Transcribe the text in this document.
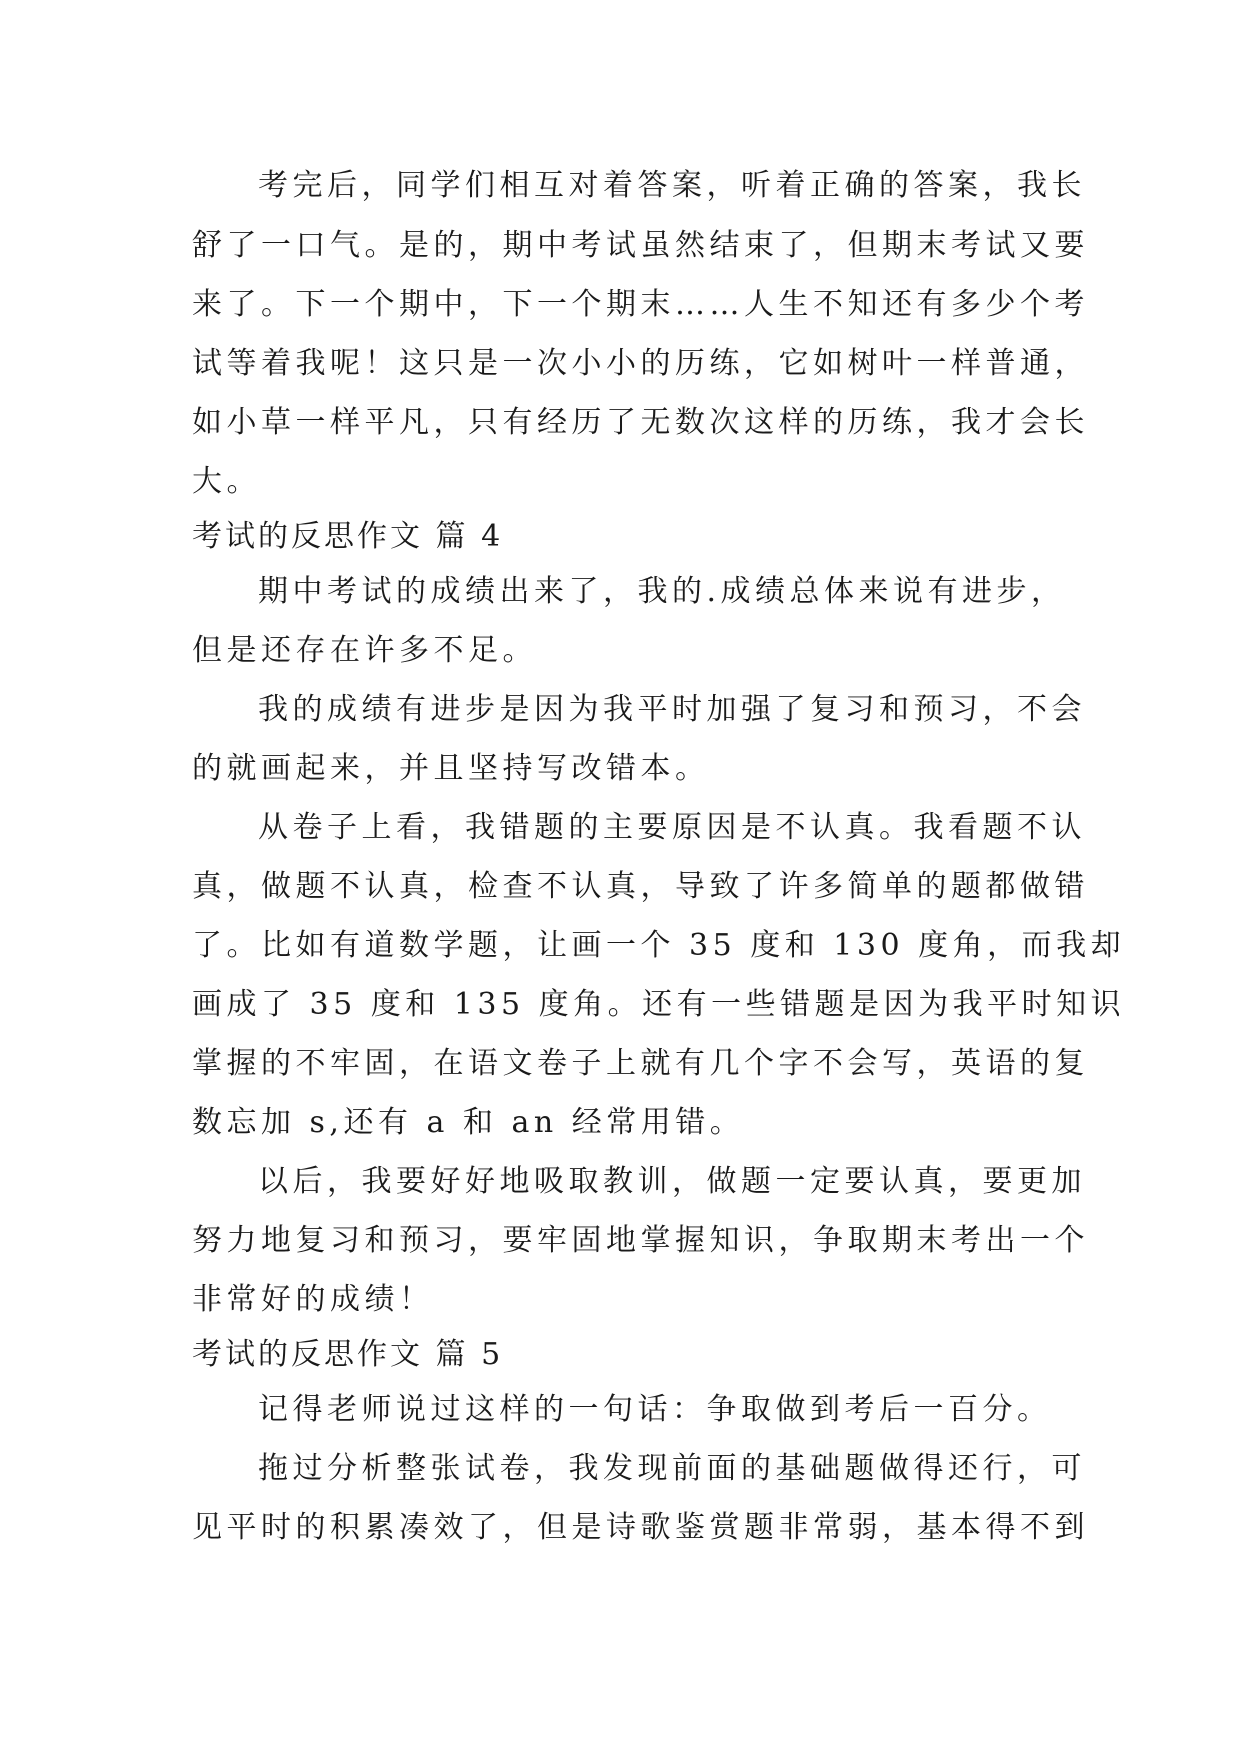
考完后，同学们相互对着答案，听着正确的答案，我长
舒了一口气。是的，期中考试虽然结束了，但期末考试又要
来了。下一个期中，下一个期末……人生不知还有多少个考
试等着我呢！这只是一次小小的历练，它如树叶一样普通，
如小草一样平凡，只有经历了无数次这样的历练，我才会长
大。
考试的反思作文 篇 4
期中考试的成绩出来了，我的.成绩总体来说有进步，
但是还存在许多不足。
我的成绩有进步是因为我平时加强了复习和预习，不会
的就画起来，并且坚持写改错本。
从卷子上看，我错题的主要原因是不认真。我看题不认
真，做题不认真，检查不认真，导致了许多简单的题都做错
了。比如有道数学题，让画一个 35 度和 130 度角，而我却
画成了 35 度和 135 度角。还有一些错题是因为我平时知识
掌握的不牢固，在语文卷子上就有几个字不会写，英语的复
数忘加 s,还有 a 和 an 经常用错。
以后，我要好好地吸取教训，做题一定要认真，要更加
努力地复习和预习，要牢固地掌握知识，争取期末考出一个
非常好的成绩！
考试的反思作文 篇 5
记得老师说过这样的一句话：争取做到考后一百分。
拖过分析整张试卷，我发现前面的基础题做得还行，可
见平时的积累凑效了，但是诗歌鉴赏题非常弱，基本得不到
